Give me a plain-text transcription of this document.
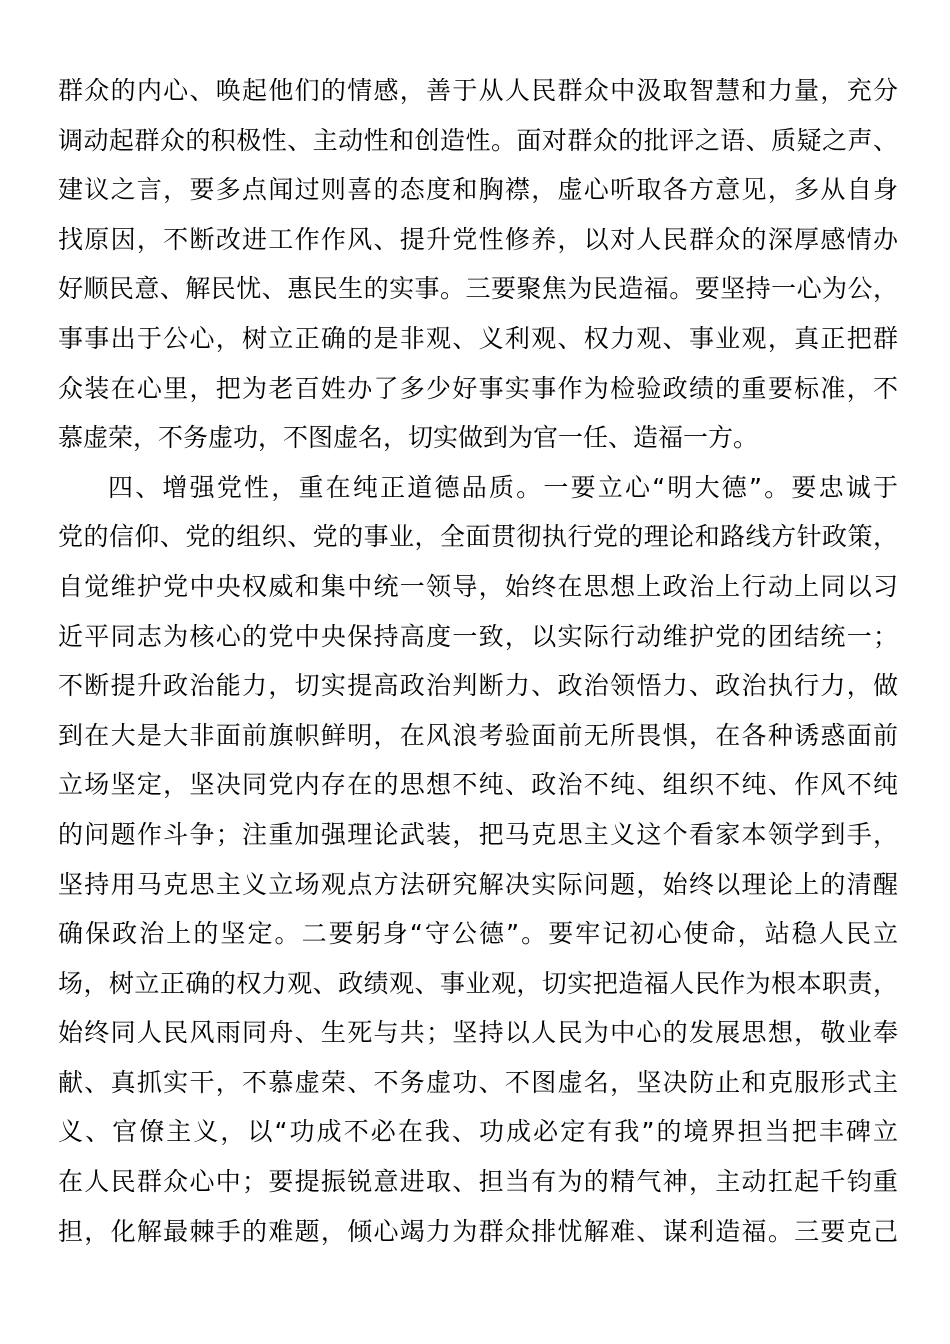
群众的内心、唤起他们的情感，善于从人民群众中汲取智慧和力量，充分
调动起群众的积极性、主动性和创造性。面对群众的批评之语、质疑之声、
建议之言，要多点闻过则喜的态度和胸襟，虚心听取各方意见，多从自身
找原因，不断改进工作作风、提升党性修养，以对人民群众的深厚感情办
好顺民意、解民忧、惠民生的实事。三要聚焦为民造福。要坚持一心为公，
事事出于公心，树立正确的是非观、义利观、权力观、事业观，真正把群
众装在心里，把为老百姓办了多少好事实事作为检验政绩的重要标准，不
慕虚荣，不务虚功，不图虚名，切实做到为官一任、造福一方。
四、增强党性，重在纯正道德品质。一要立心“明大德”。要忠诚于
党的信仰、党的组织、党的事业，全面贯彻执行党的理论和路线方针政策，
自觉维护党中央权威和集中统一领导，始终在思想上政治上行动上同以习
近平同志为核心的党中央保持高度一致，以实际行动维护党的团结统一；
不断提升政治能力，切实提高政治判断力、政治领悟力、政治执行力，做
到在大是大非面前旗帜鲜明，在风浪考验面前无所畏惧，在各种诱惑面前
立场坚定，坚决同党内存在的思想不纯、政治不纯、组织不纯、作风不纯
的问题作斗争；注重加强理论武装，把马克思主义这个看家本领学到手，
坚持用马克思主义立场观点方法研究解决实际问题，始终以理论上的清醒
确保政治上的坚定。二要躬身“守公德”。要牢记初心使命，站稳人民立
场，树立正确的权力观、政绩观、事业观，切实把造福人民作为根本职责，
始终同人民风雨同舟、生死与共；坚持以人民为中心的发展思想，敬业奉
献、真抓实干，不慕虚荣、不务虚功、不图虚名，坚决防止和克服形式主
义、官僚主义，以“功成不必在我、功成必定有我”的境界担当把丰碑立
在人民群众心中；要提振锐意进取、担当有为的精气神，主动扛起千钧重
担，化解最棘手的难题，倾心竭力为群众排忧解难、谋利造福。三要克己
